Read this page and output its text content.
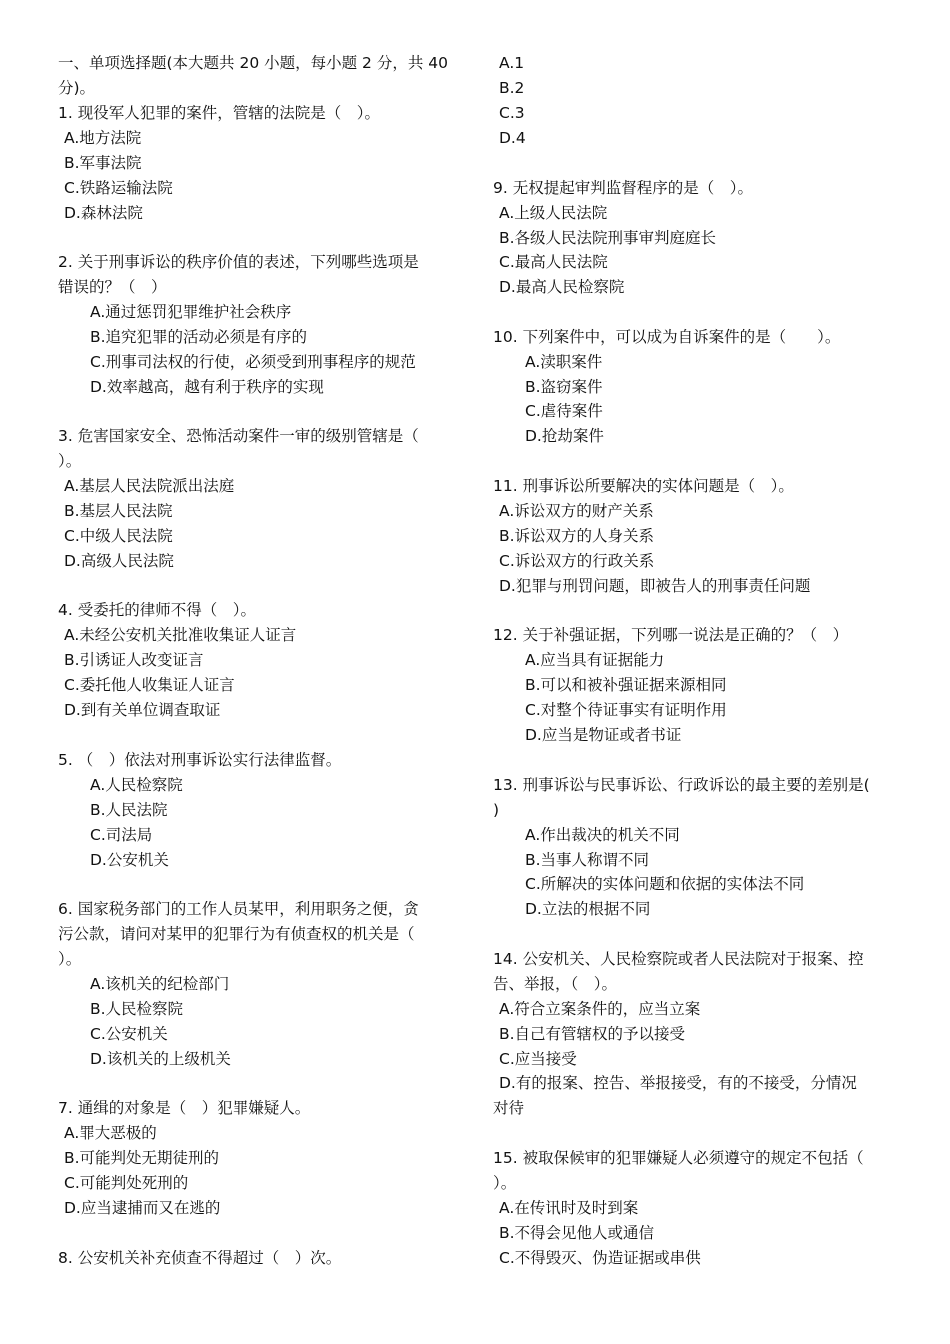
一、单项选择题(本大题共 20 小题，每小题 2 分，共 40
分)。
1. 现役军人犯罪的案件，管辖的法院是（　）。
A.地方法院
B.军事法院
C.铁路运输法院
D.森林法院
2. 关于刑事诉讼的秩序价值的表述，下列哪些选项是
错误的？（　）
A.通过惩罚犯罪维护社会秩序
B.追究犯罪的活动必须是有序的
C.刑事司法权的行使，必须受到刑事程序的规范
D.效率越高，越有利于秩序的实现
3. 危害国家安全、恐怖活动案件一审的级别管辖是（
）。
A.基层人民法院派出法庭
B.基层人民法院
C.中级人民法院
D.高级人民法院
4. 受委托的律师不得（　）。
A.未经公安机关批准收集证人证言
B.引诱证人改变证言
C.委托他人收集证人证言
D.到有关单位调查取证
5. （　）依法对刑事诉讼实行法律监督。
A.人民检察院
B.人民法院
C.司法局
D.公安机关
6. 国家税务部门的工作人员某甲，利用职务之便，贪
污公款，请问对某甲的犯罪行为有侦查权的机关是（
）。
A.该机关的纪检部门
B.人民检察院
C.公安机关
D.该机关的上级机关
7. 通缉的对象是（　）犯罪嫌疑人。
A.罪大恶极的
B.可能判处无期徒刑的
C.可能判处死刑的
D.应当逮捕而又在逃的
8. 公安机关补充侦查不得超过（　）次。
A.1
B.2
C.3
D.4
9. 无权提起审判监督程序的是（　）。
A.上级人民法院
B.各级人民法院刑事审判庭庭长
C.最高人民法院
D.最高人民检察院
10. 下列案件中，可以成为自诉案件的是（　　）。
A.渎职案件
B.盗窃案件
C.虐待案件
D.抢劫案件
11. 刑事诉讼所要解决的实体问题是（　）。
A.诉讼双方的财产关系
B.诉讼双方的人身关系
C.诉讼双方的行政关系
D.犯罪与刑罚问题，即被告人的刑事责任问题
12. 关于补强证据，下列哪一说法是正确的？（　）
A.应当具有证据能力
B.可以和被补强证据来源相同
C.对整个待证事实有证明作用
D.应当是物证或者书证
13. 刑事诉讼与民事诉讼、行政诉讼的最主要的差别是(
)
A.作出裁决的机关不同
B.当事人称谓不同
C.所解决的实体问题和依据的实体法不同
D.立法的根据不同
14. 公安机关、人民检察院或者人民法院对于报案、控
告、举报，（　）。
A.符合立案条件的，应当立案
B.自己有管辖权的予以接受
C.应当接受
D.有的报案、控告、举报接受，有的不接受，分情况
对待
15. 被取保候审的犯罪嫌疑人必须遵守的规定不包括（
）。
A.在传讯时及时到案
B.不得会见他人或通信
C.不得毁灭、伪造证据或串供
